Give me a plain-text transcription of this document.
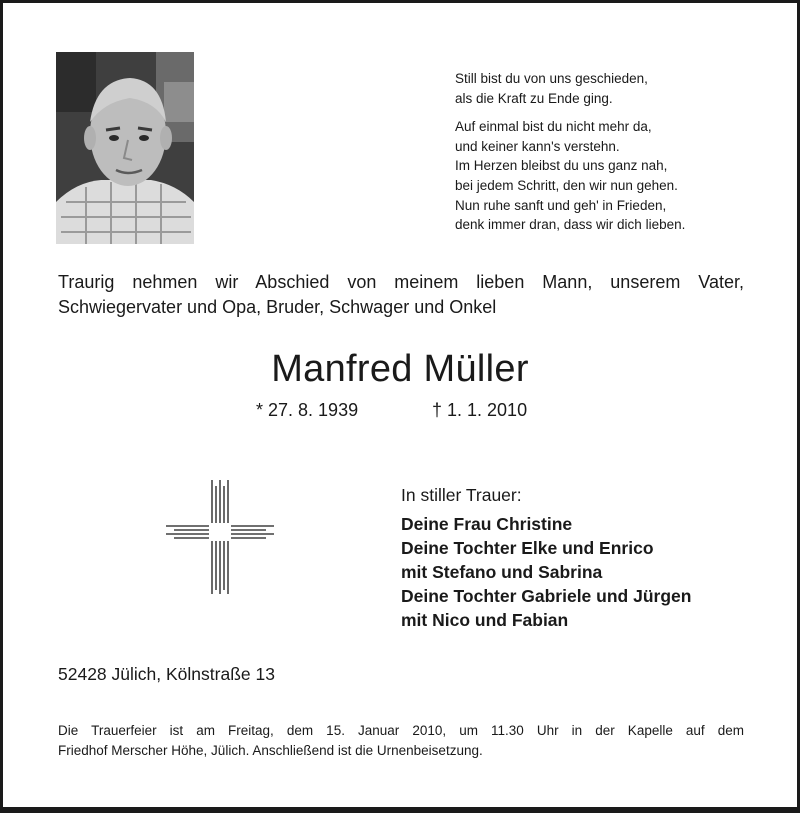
Still bist du von uns geschieden,
als die Kraft zu Ende ging.
Auf einmal bist du nicht mehr da,
und keiner kann's verstehn.
Im Herzen bleibst du uns ganz nah,
bei jedem Schritt, den wir nun gehen.
Nun ruhe sanft und geh' in Frieden,
denk immer dran, dass wir dich lieben.
Traurig nehmen wir Abschied von meinem lieben Mann, unserem Vater,
Schwiegervater und Opa, Bruder, Schwager und Onkel
Manfred Müller
* 27. 8. 1939	† 1. 1. 2010
In stiller Trauer:
Deine Frau Christine
Deine Tochter Elke und Enrico
mit Stefano und Sabrina
Deine Tochter Gabriele und Jürgen
mit Nico und Fabian
52428 Jülich, Kölnstraße 13
Die Trauerfeier ist am Freitag, dem 15. Januar 2010, um 11.30 Uhr in der Kapelle auf dem
Friedhof Merscher Höhe, Jülich. Anschließend ist die Urnenbeisetzung.
